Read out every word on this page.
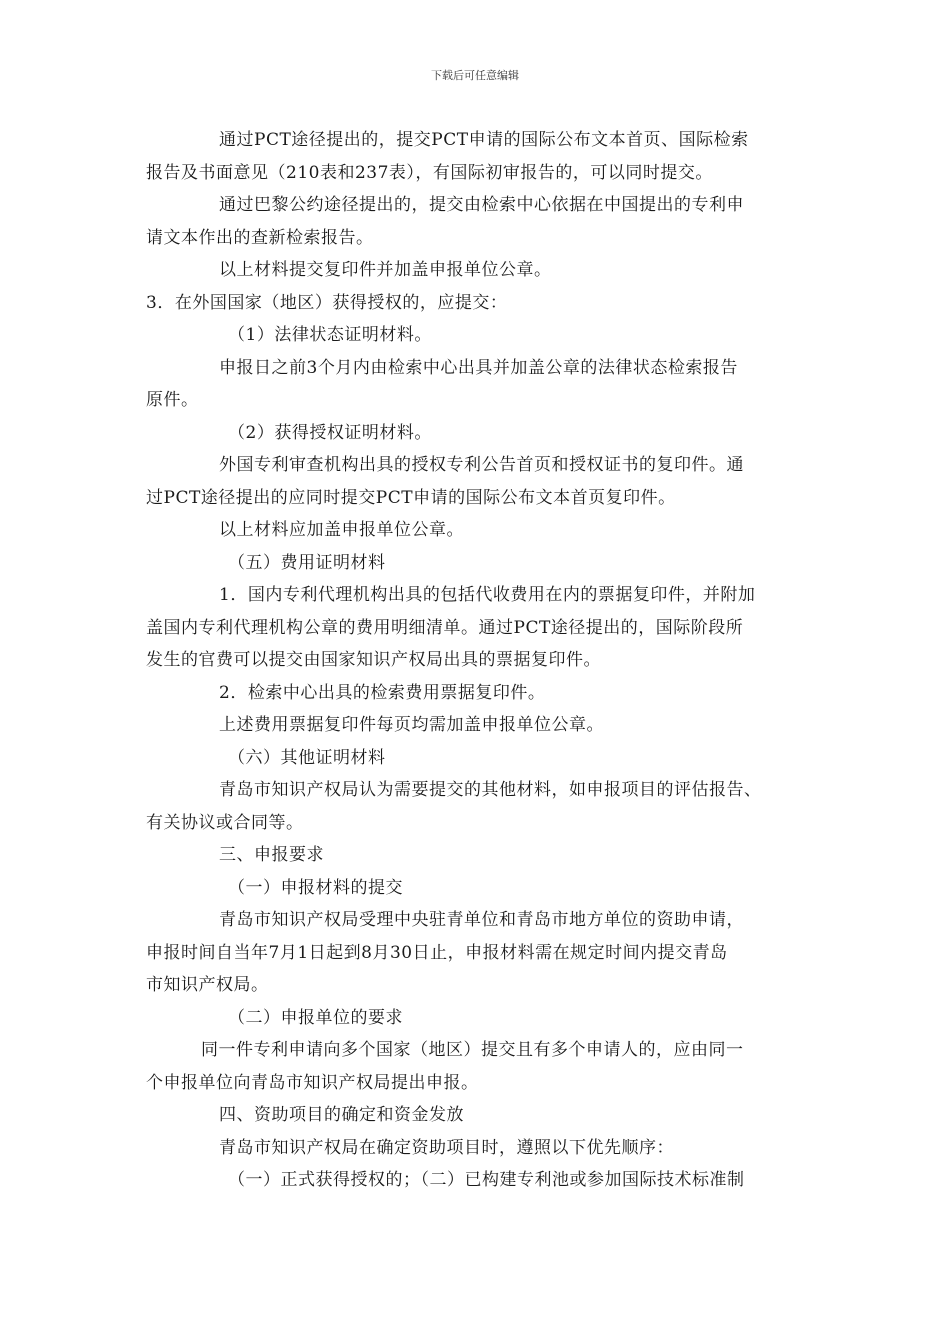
下载后可任意编辑
通过PCT途径提出的，提交PCT申请的国际公布文本首页、国际检索
报告及书面意见（210表和237表），有国际初审报告的，可以同时提交。
通过巴黎公约途径提出的，提交由检索中心依据在中国提出的专利申
请文本作出的查新检索报告。
以上材料提交复印件并加盖申报单位公章。
3．在外国国家（地区）获得授权的，应提交：
（1）法律状态证明材料。
申报日之前3个月内由检索中心出具并加盖公章的法律状态检索报告
原件。
（2）获得授权证明材料。
外国专利审查机构出具的授权专利公告首页和授权证书的复印件。通
过PCT途径提出的应同时提交PCT申请的国际公布文本首页复印件。
以上材料应加盖申报单位公章。
（五）费用证明材料
1．国内专利代理机构出具的包括代收费用在内的票据复印件，并附加
盖国内专利代理机构公章的费用明细清单。通过PCT途径提出的，国际阶段所
发生的官费可以提交由国家知识产权局出具的票据复印件。
2．检索中心出具的检索费用票据复印件。
上述费用票据复印件每页均需加盖申报单位公章。
（六）其他证明材料
青岛市知识产权局认为需要提交的其他材料，如申报项目的评估报告、
有关协议或合同等。
三、申报要求
（一）申报材料的提交
青岛市知识产权局受理中央驻青单位和青岛市地方单位的资助申请，
申报时间自当年7月1日起到8月30日止，申报材料需在规定时间内提交青岛
市知识产权局。
（二）申报单位的要求
同一件专利申请向多个国家（地区）提交且有多个申请人的，应由同一
个申报单位向青岛市知识产权局提出申报。
四、资助项目的确定和资金发放
青岛市知识产权局在确定资助项目时，遵照以下优先顺序：
（一）正式获得授权的；（二）已构建专利池或参加国际技术标准制
